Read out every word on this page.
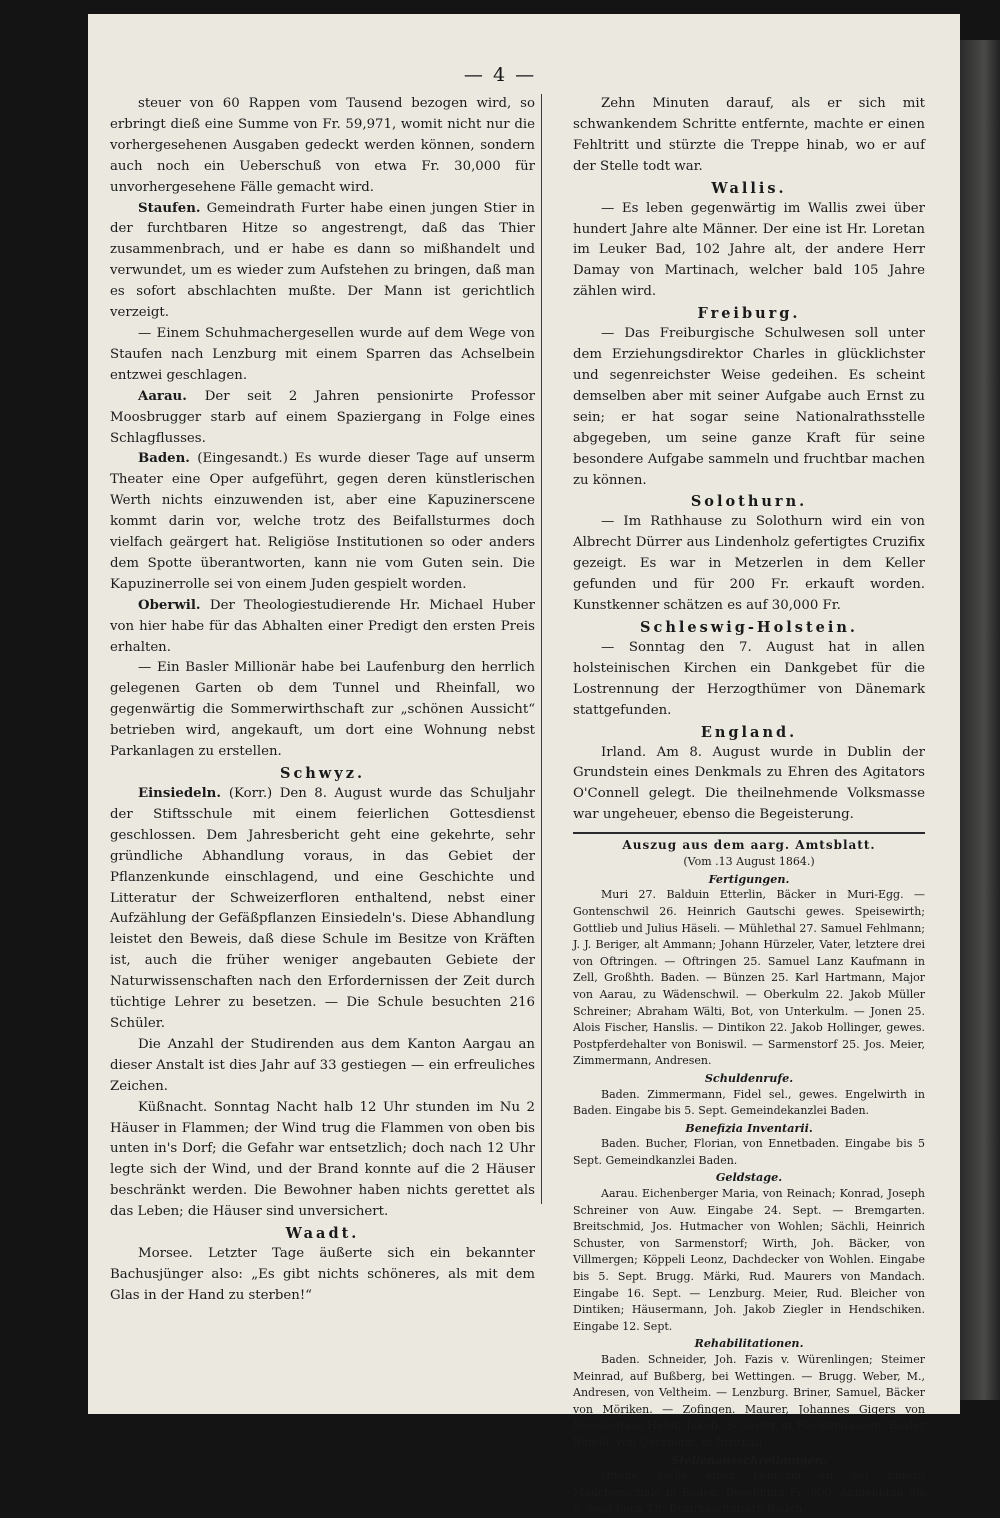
— 4 —

steuer von 60 Rappen vom Tausend bezogen wird, so erbringt dieß eine Summe von Fr. 59,971, womit nicht nur die vorhergesehenen Ausgaben gedeckt werden können, sondern auch noch ein Ueberschuß von etwa Fr. 30,000 für unvorhergesehene Fälle gemacht wird.

Staufen. Gemeindrath Furter habe einen jungen Stier in der furchtbaren Hitze so angestrengt, daß das Thier zusammenbrach, und er habe es dann so mißhandelt und verwundet, um es wieder zum Aufstehen zu bringen, daß man es sofort abschlachten mußte. Der Mann ist gerichtlich verzeigt.

— Einem Schuhmachergesellen wurde auf dem Wege von Staufen nach Lenzburg mit einem Sparren das Achselbein entzwei geschlagen.

Aarau. Der seit 2 Jahren pensionirte Professor Moosbrugger starb auf einem Spaziergang in Folge eines Schlagflusses.

Baden. (Eingesandt.) Es wurde dieser Tage auf unserm Theater eine Oper aufgeführt, gegen deren künstlerischen Werth nichts einzuwenden ist, aber eine Kapuzinerscene kommt darin vor, welche trotz des Beifallsturmes doch vielfach geärgert hat. Religiöse Institutionen so oder anders dem Spotte überantworten, kann nie vom Guten sein. Die Kapuzinerrolle sei von einem Juden gespielt worden.

Oberwil. Der Theologiestudierende Hr. Michael Huber von hier habe für das Abhalten einer Predigt den ersten Preis erhalten.

— Ein Basler Millionär habe bei Laufenburg den herrlich gelegenen Garten ob dem Tunnel und Rheinfall, wo gegenwärtig die Sommerwirthschaft zur „schönen Aussicht“ betrieben wird, angekauft, um dort eine Wohnung nebst Parkanlagen zu erstellen.

Schwyz.

Einsiedeln. (Korr.) Den 8. August wurde das Schuljahr der Stiftsschule mit einem feierlichen Gottesdienst geschlossen. Dem Jahresbericht geht eine gekehrte, sehr gründliche Abhandlung voraus, in das Gebiet der Pflanzenkunde einschlagend, und eine Geschichte und Litteratur der Schweizerfloren enthaltend, nebst einer Aufzählung der Gefäßpflanzen Einsiedeln's. Diese Abhandlung leistet den Beweis, daß diese Schule im Besitze von Kräften ist, auch die früher weniger angebauten Gebiete der Naturwissenschaften nach den Erfordernissen der Zeit durch tüchtige Lehrer zu besetzen. — Die Schule besuchten 216 Schüler.

Die Anzahl der Studirenden aus dem Kanton Aargau an dieser Anstalt ist dies Jahr auf 33 gestiegen — ein erfreuliches Zeichen.

Küßnacht. Sonntag Nacht halb 12 Uhr stunden im Nu 2 Häuser in Flammen; der Wind trug die Flammen von oben bis unten in's Dorf; die Gefahr war entsetzlich; doch nach 12 Uhr legte sich der Wind, und der Brand konnte auf die 2 Häuser beschränkt werden. Die Bewohner haben nichts gerettet als das Leben; die Häuser sind unversichert.

Waadt.

Morsee. Letzter Tage äußerte sich ein bekannter Bachusjünger also: „Es gibt nichts schöneres, als mit dem Glas in der Hand zu sterben!“

Zehn Minuten darauf, als er sich mit schwankendem Schritte entfernte, machte er einen Fehltritt und stürzte die Treppe hinab, wo er auf der Stelle todt war.

Wallis.

— Es leben gegenwärtig im Wallis zwei über hundert Jahre alte Männer. Der eine ist Hr. Loretan im Leuker Bad, 102 Jahre alt, der andere Herr Damay von Martinach, welcher bald 105 Jahre zählen wird.

Freiburg.

— Das Freiburgische Schulwesen soll unter dem Erziehungsdirektor Charles in glücklichster und segenreichster Weise gedeihen. Es scheint demselben aber mit seiner Aufgabe auch Ernst zu sein; er hat sogar seine Nationalrathsstelle abgegeben, um seine ganze Kraft für seine besondere Aufgabe sammeln und fruchtbar machen zu können.

Solothurn.

— Im Rathhause zu Solothurn wird ein von Albrecht Dürrer aus Lindenholz gefertigtes Cruzifix gezeigt. Es war in Metzerlen in dem Keller gefunden und für 200 Fr. erkauft worden. Kunstkenner schätzen es auf 30,000 Fr.

Schleswig-Holstein.

— Sonntag den 7. August hat in allen holsteinischen Kirchen ein Dankgebet für die Lostrennung der Herzogthümer von Dänemark stattgefunden.

England.

Irland. Am 8. August wurde in Dublin der Grundstein eines Denkmals zu Ehren des Agitators O'Connell gelegt. Die theilnehmende Volksmasse war ungeheuer, ebenso die Begeisterung.

Auszug aus dem aarg. Amtsblatt.
(Vom .13 August 1864.)
Fertigungen.

Muri 27. Balduin Etterlin, Bäcker in Muri-Egg. — Gontenschwil 26. Heinrich Gautschi gewes. Speisewirth; Gottlieb und Julius Häseli. — Mühlethal 27. Samuel Fehlmann; J. J. Beriger, alt Ammann; Johann Hürzeler, Vater, letztere drei von Oftringen. — Oftringen 25. Samuel Lanz Kaufmann in Zell, Großhth. Baden. — Bünzen 25. Karl Hartmann, Major von Aarau, zu Wädenschwil. — Oberkulm 22. Jakob Müller Schreiner; Abraham Wälti, Bot, von Unterkulm. — Jonen 25. Alois Fischer, Hanslis. — Dintikon 22. Jakob Hollinger, gewes. Postpferdehalter von Boniswil. — Sarmenstorf 25. Jos. Meier, Zimmermann, Andresen.

Schuldenrufe.

Baden. Zimmermann, Fidel sel., gewes. Engelwirth in Baden. Eingabe bis 5. Sept. Gemeindekanzlei Baden.

Benefizia Inventarii.

Baden. Bucher, Florian, von Ennetbaden. Eingabe bis 5 Sept. Gemeindkanzlei Baden.

Geldstage.

Aarau. Eichenberger Maria, von Reinach; Konrad, Joseph Schreiner von Auw. Eingabe 24. Sept. — Bremgarten. Breitschmid, Jos. Hutmacher von Wohlen; Sächli, Heinrich Schuster, von Sarmenstorf; Wirth, Joh. Bäcker, von Villmergen; Köppeli Leonz, Dachdecker von Wohlen. Eingabe bis 5. Sept. Brugg. Märki, Rud. Maurers von Mandach. Eingabe 16. Sept. — Lenzburg. Meier, Rud. Bleicher von Dintiken; Häusermann, Joh. Jakob Ziegler in Hendschiken. Eingabe 12. Sept.

Rehabilitationen.

Baden. Schneider, Joh. Fazis v. Würenlingen; Steimer Meinrad, auf Bußberg, bei Wettingen. — Brugg. Weber, M., Andresen, von Veltheim. — Lenzburg. Briner, Samuel, Bäcker von Möriken. — Zofingen. Maurer, Johannes Gigers von Moosleerau; Hefer, Jakob, Schuster in Fleckenhausen; Basler Rudolf, von Uerkheim, in Brittnau.

Stellenausschreibungen.

Offene Stelle einer Lehrerin an der untern Mädchenschule in Baden. Besoldung Fr. 800. Anmeldung bis 6. Sept beim Tit. Bezirksschulrath Baden.
